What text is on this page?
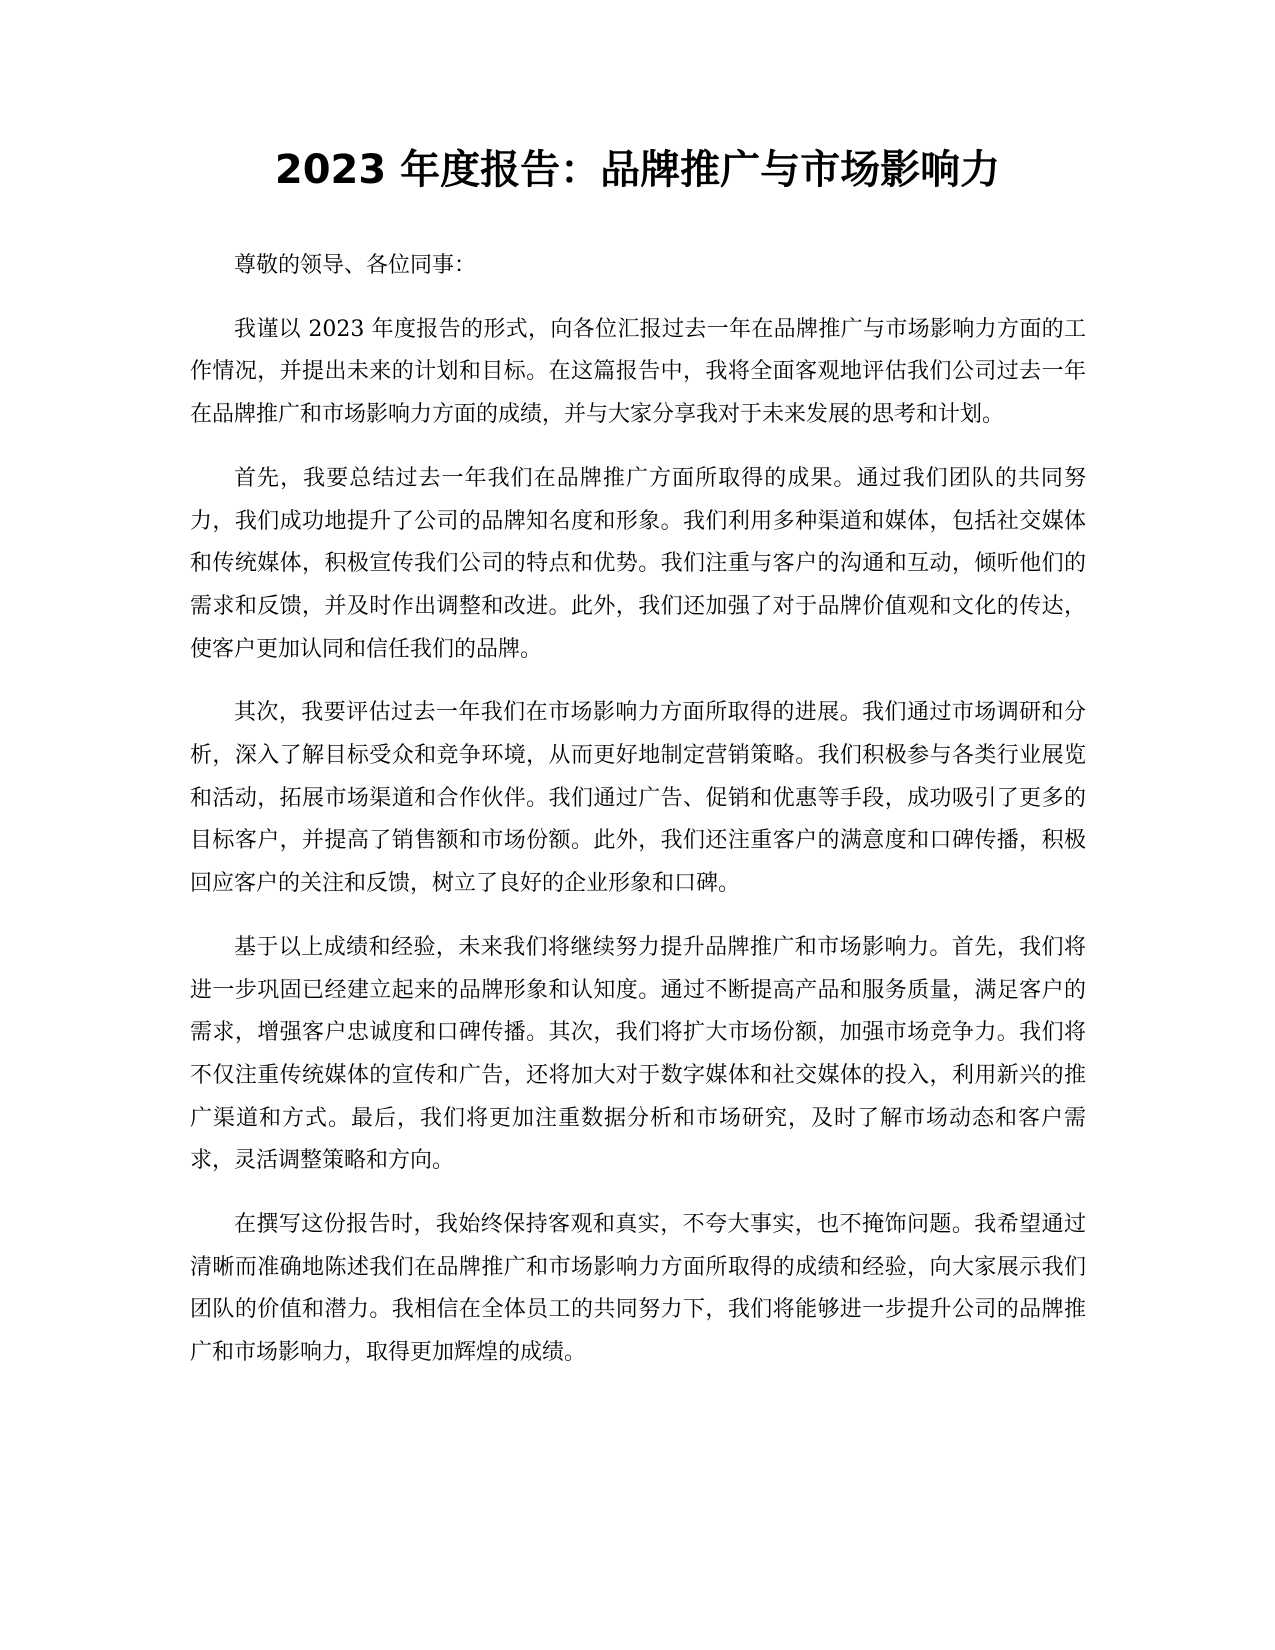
2023 年度报告：品牌推广与市场影响力

尊敬的领导、各位同事：

我谨以 2023 年度报告的形式，向各位汇报过去一年在品牌推广与市场影响力方面的工作情况，并提出未来的计划和目标。在这篇报告中，我将全面客观地评估我们公司过去一年在品牌推广和市场影响力方面的成绩，并与大家分享我对于未来发展的思考和计划。

首先，我要总结过去一年我们在品牌推广方面所取得的成果。通过我们团队的共同努力，我们成功地提升了公司的品牌知名度和形象。我们利用多种渠道和媒体，包括社交媒体和传统媒体，积极宣传我们公司的特点和优势。我们注重与客户的沟通和互动，倾听他们的需求和反馈，并及时作出调整和改进。此外，我们还加强了对于品牌价值观和文化的传达，使客户更加认同和信任我们的品牌。

其次，我要评估过去一年我们在市场影响力方面所取得的进展。我们通过市场调研和分析，深入了解目标受众和竞争环境，从而更好地制定营销策略。我们积极参与各类行业展览和活动，拓展市场渠道和合作伙伴。我们通过广告、促销和优惠等手段，成功吸引了更多的目标客户，并提高了销售额和市场份额。此外，我们还注重客户的满意度和口碑传播，积极回应客户的关注和反馈，树立了良好的企业形象和口碑。

基于以上成绩和经验，未来我们将继续努力提升品牌推广和市场影响力。首先，我们将进一步巩固已经建立起来的品牌形象和认知度。通过不断提高产品和服务质量，满足客户的需求，增强客户忠诚度和口碑传播。其次，我们将扩大市场份额，加强市场竞争力。我们将不仅注重传统媒体的宣传和广告，还将加大对于数字媒体和社交媒体的投入，利用新兴的推广渠道和方式。最后，我们将更加注重数据分析和市场研究，及时了解市场动态和客户需求，灵活调整策略和方向。

在撰写这份报告时，我始终保持客观和真实，不夸大事实，也不掩饰问题。我希望通过清晰而准确地陈述我们在品牌推广和市场影响力方面所取得的成绩和经验，向大家展示我们团队的价值和潜力。我相信在全体员工的共同努力下，我们将能够进一步提升公司的品牌推广和市场影响力，取得更加辉煌的成绩。
